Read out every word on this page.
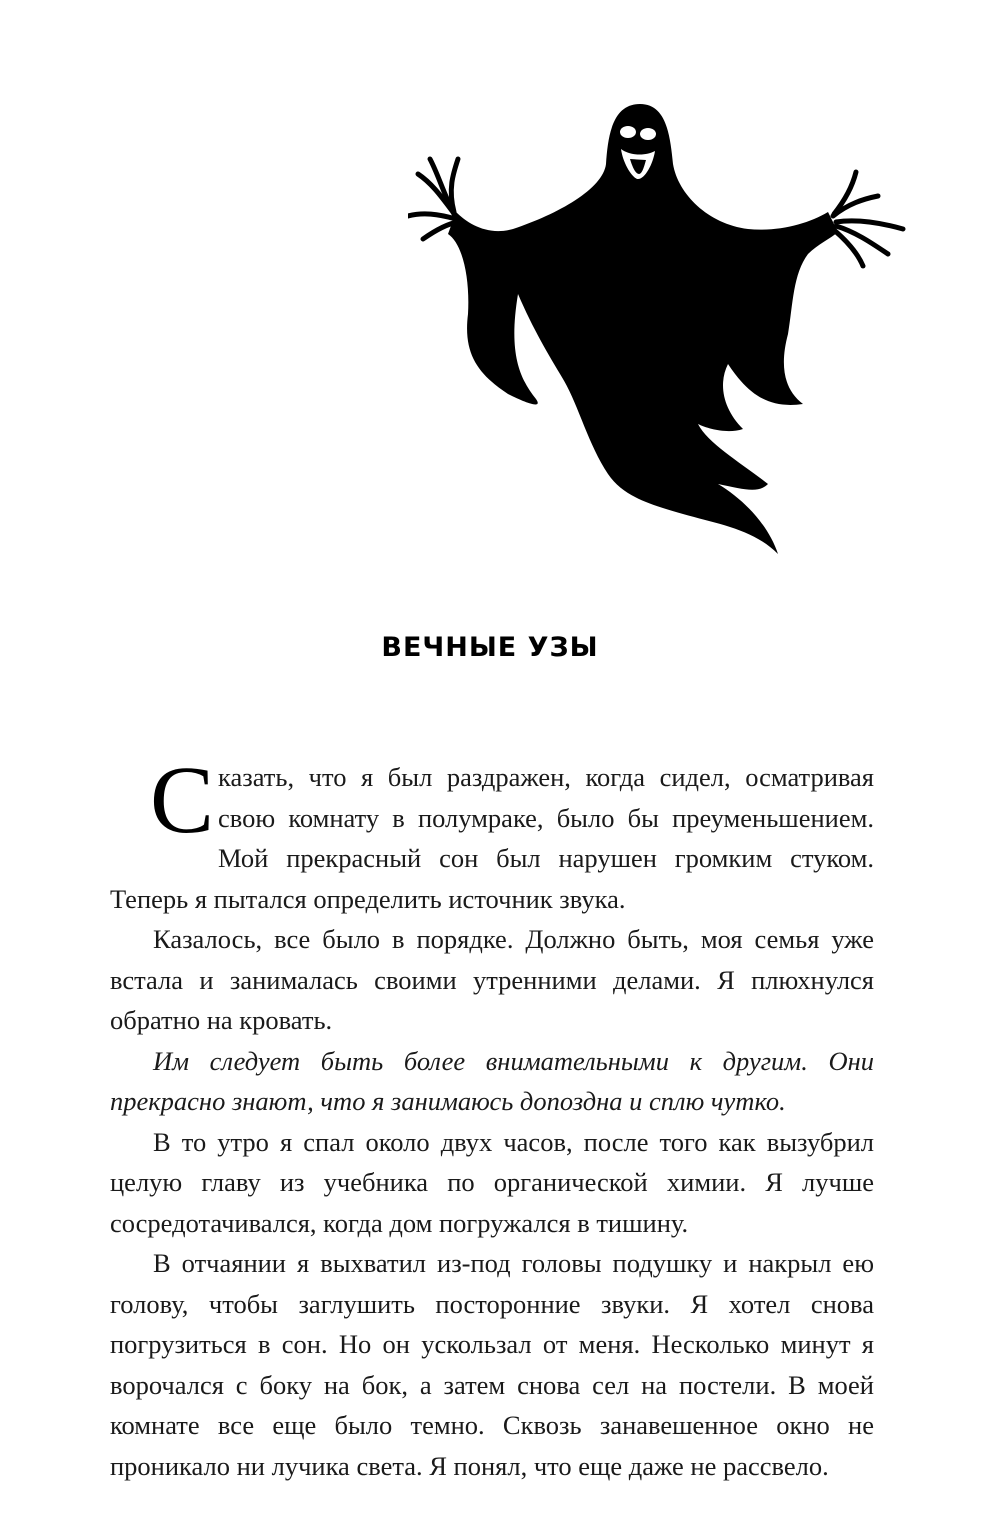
ВЕЧНЫЕ УЗЫ

Сказать, что я был раздражен, когда сидел, осматривая свою комнату в полумраке, было бы преуменьшением. Мой прекрасный сон был нарушен громким стуком. Теперь я пытался определить источник звука.

Казалось, все было в порядке. Должно быть, моя семья уже встала и занималась своими утренними делами. Я плюхнулся обратно на кровать.

Им следует быть более внимательными к другим. Они прекрасно знают, что я занимаюсь допоздна и сплю чутко.

В то утро я спал около двух часов, после того как вызубрил целую главу из учебника по органической химии. Я лучше сосредотачивался, когда дом погружался в тишину.

В отчаянии я выхватил из-под головы подушку и накрыл ею голову, чтобы заглушить посторонние звуки. Я хотел снова погрузиться в сон. Но он ускользал от меня. Несколько минут я ворочался с боку на бок, а затем снова сел на постели. В моей комнате все еще было темно. Сквозь занавешенное окно не проникало ни лучика света. Я понял, что еще даже не рассвело.
